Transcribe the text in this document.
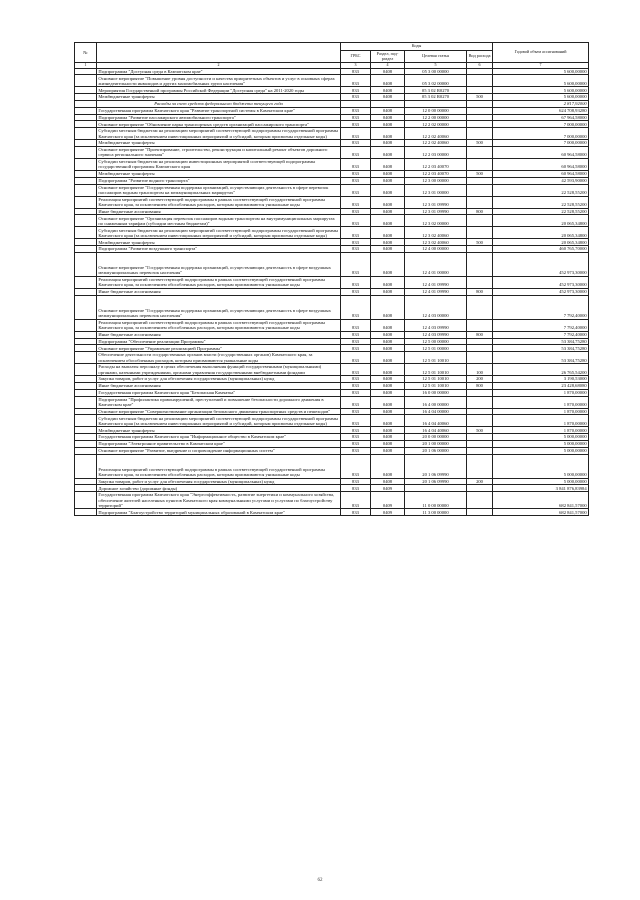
№		Коды				Годовой объем ассигнований
		ГРБС	Раздел, под-раздел	Целевая статья	Вид расхода	
1	2	3	4	5	6	7
	Подпрограмма "Доступная среда в Камчатском крае"	833	0408	05 3 00 00000		5 600,00000
	Основное мероприятие "Повышение уровня доступности и качества приоритетных объектов и услуг в основных сферах жизнедеятельности инвалидов и других маломобильных групп населения"	833	0408	05 3 02 00000		5 600,00000
	Мероприятия Государственной программы Российской Федерации "Доступная среда" на 2011-2020 годы	833	0408	05 3 02 R0270		5 600,00000
	Межбюджетные трансферты	833	0408	05 3 02 R0270	500	5 600,00000
	Расходы за счет средств федерального бюджета текущего года					2 817,92000
	Государственная программа Камчатского края "Развитие транспортной системы в Камчатском крае"	833	0408	12 0 00 00000		624 708,93280
	Подпрограмма "Развитие пассажирского автомобильного транспорта"	833	0408	12 2 00 00000		67 964,58000
	Основное мероприятие "Обновление парка транспортных средств организаций пассажирского транспорта"	833	0408	12 2 02 00000		7 000,00000
	Субсидии местным бюджетам на реализацию мероприятий соответствующей подпрограммы государственной программы Камчатского края (за исключением инвестиционных мероприятий и субсидий, которым присвоены отдельные коды)	833	0408	12 2 02 40060		7 000,00000
	Межбюджетные трансферты	833	0408	12 2 02 40060	500	7 000,00000
	Основное мероприятие "Проектирование, строительство, реконструкция и капитальный ремонт объектов дорожного сервиса регионального значения"	833	0408	12 2 03 00000		60 964,58000
	Субсидии местным бюджетам на реализацию инвестиционных мероприятий соответствующей подпрограммы государственной программы Камчатского края	833	0408	12 2 03 40070		60 964,58000
	Межбюджетные трансферты	833	0408	12 2 03 40070	500	60 964,58000
	Подпрограмма "Развитие водного транспорта"	833	0408	12 3 00 00000		42 593,90000
	Основное мероприятие "Государственная поддержка организаций, осуществляющих деятельность в сфере перевозок пассажиров водным транспортом на межмуниципальных маршрутах"	833	0408	12 3 01 00000		22 528,55200
	Реализация мероприятий соответствующей подпрограммы в рамках соответствующей государственной программы Камчатского края, за исключением обособленных расходов, которым присваиваются уникальные коды	833	0408	12 3 01 09990		22 528,55200
	Иные бюджетные ассигнования	833	0408	12 3 01 09990	800	22 528,55200
	Основное мероприятие "Организация перевозок пассажиров водным транспортом на внутримуниципальных маршрутах по сниженным тарифам (субсидии местным бюджетам)"	833	0408	12 3 02 00000		20 065,34800
	Субсидии местным бюджетам на реализацию мероприятий соответствующей подпрограммы государственной программы Камчатского края (за исключением инвестиционных мероприятий и субсидий, которым присвоены отдельные коды)	833	0408	12 3 02 40060		20 065,34800
	Межбюджетные трансферты	833	0408	12 3 02 40060	500	20 065,34800
	Подпрограмма "Развитие воздушного транспорта"	833	0408	12 4 00 00000		460 765,70000
	Основное мероприятие "Государственная поддержка организаций, осуществляющих деятельность в сфере воздушных межмуниципальных перевозок населения"	833	0408	12 4 01 00000		452 973,30000
	Реализация мероприятий соответствующей подпрограммы в рамках соответствующей государственной программы Камчатского края, за исключением обособленных расходов, которым присваиваются уникальные коды	833	0408	12 4 01 09990		452 973,30000
	Иные бюджетные ассигнования	833	0408	12 4 01 09990	800	452 973,30000
	Основное мероприятие "Государственная поддержка организаций, осуществляющих деятельность в сфере воздушных межмуниципальных перевозок населения"	833	0408	12 4 03 00000		7 792,40000
	Реализация мероприятий соответствующей подпрограммы в рамках соответствующей государственной программы Камчатского края, за исключением обособленных расходов, которым присваиваются уникальные коды	833	0408	12 4 03 09990		7 792,40000
	Иные бюджетные ассигнования	833	0408	12 4 03 09990	800	7 792,40000
	Подпрограмма "Обеспечение реализации Программы"	833	0408	12 5 00 00000		53 384,75280
	Основное мероприятие "Управление реализацией Программы"	833	0408	12 5 01 00000		53 384,75280
	Обеспечение деятельности государственных органов власти (государственных органов) Камчатского края, за исключением обособленных расходов, которым присваиваются уникальные коды	833	0408	12 5 01 10010		53 384,75280
	Расходы на выплаты персоналу в целях обеспечения выполнения функций государственными (муниципальными) органами, казенными учреждениями, органами управления государственными внебюджетными фондами	833	0408	12 5 01 10010	100	26 765,54200
	Закупка товаров, работ и услуг для обеспечения государственных (муниципальных) нужд	833	0408	12 5 01 10010	200	3 190,53000
	Иные бюджетные ассигнования	833	0408	12 5 01 10010	800	23 428,68080
	Государственная программа Камчатского края "Безопасная Камчатка"	833	0408	16 0 00 00000		1 870,00000
	Подпрограмма "Профилактика правонарушений, преступлений и повышение безопасности дорожного движения в Камчатском крае"	833	0408	16 4 00 00000		1 870,00000
	Основное мероприятие "Совершенствование организации безопасного движения транспортных средств и пешеходов"	833	0408	16 4 04 00000		1 870,00000
	Субсидии местным бюджетам на реализацию мероприятий соответствующей подпрограммы государственной программы Камчатского края (за исключением инвестиционных мероприятий и субсидий, которым присвоены отдельные коды)	833	0408	16 4 04 40060		1 870,00000
	Межбюджетные трансферты	833	0408	16 4 04 40060	500	1 870,00000
	Государственная программа Камчатского края "Информационное общество в Камчатском крае"	833	0408	20 0 00 00000		5 000,00000
	Подпрограмма "Электронное правительство в Камчатском крае"	833	0408	20 1 00 00000		5 000,00000
	Основное мероприятие "Развитие, внедрение и сопровождение информационных систем"	833	0408	20 1 06 00000		5 000,00000
	Реализация мероприятий соответствующей подпрограммы в рамках соответствующей государственной программы Камчатского края, за исключением обособленных расходов, которым присваиваются уникальные коды	833	0408	20 1 06 09990		5 000,00000
	Закупка товаров, работ и услуг для обеспечения государственных (муниципальных) нужд	833	0408	20 1 06 09990	200	5 000,00000
	Дорожное хозяйство (дорожные фонды)	833	0409			3 841 876,83984
	Государственная программа Камчатского края "Энергоэффективность, развитие энергетики и коммунального хозяйства, обеспечение жителей населенных пунктов Камчатского края коммунальными услугами и услугами по благоустройству территорий"	833	0409	11 0 00 00000		682 841,57000
	Подпрограмма "Благоустройство территорий муниципальных образований в Камчатском крае"	833	0409	11 3 00 00000		682 841,57000
62
